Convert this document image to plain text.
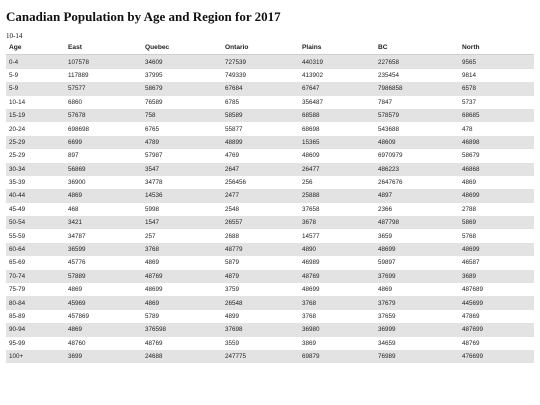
Canadian Population by Age and Region for 2017
10-14
Age	East	Quebec	Ontario	Plains	BC	North
0-4	107578	34609	727539	440319	227658	9565
5-9	117889	37995	749339	413902	235454	9814
5-9	57577	58679	67684	67647	7986858	6578
10-14	6860	76589	6785	356487	7847	5737
15-19	57678	758	58589	68588	578579	68685
20-24	698698	6765	55877	68698	543688	478
25-29	6699	4789	48899	15365	48609	46898
25-29	897	57987	4769	48609	6970979	58679
30-34	56869	3547	2647	26477	486223	46868
35-39	36900	34778	256456	256	2647676	4869
40-44	4869	14536	2477	25888	4897	48699
45-49	468	5998	2548	37658	2366	2788
50-54	3421	1547	26557	3678	487798	5869
55-59	34787	257	2688	14577	3659	5768
60-64	36599	3768	48779	4890	48699	48699
65-69	45776	4869	5879	46989	59897	46587
70-74	57889	48769	4879	48769	37699	3689
75-79	4869	48699	3759	48699	4869	487689
80-84	45969	4869	26548	3768	37679	445699
85-89	457869	5789	4899	3768	37659	47869
90-94	4869	376598	37698	36980	36999	487699
95-99	48760	48769	3559	3869	34659	48769
100+	3699	24688	247775	69879	76989	476699
